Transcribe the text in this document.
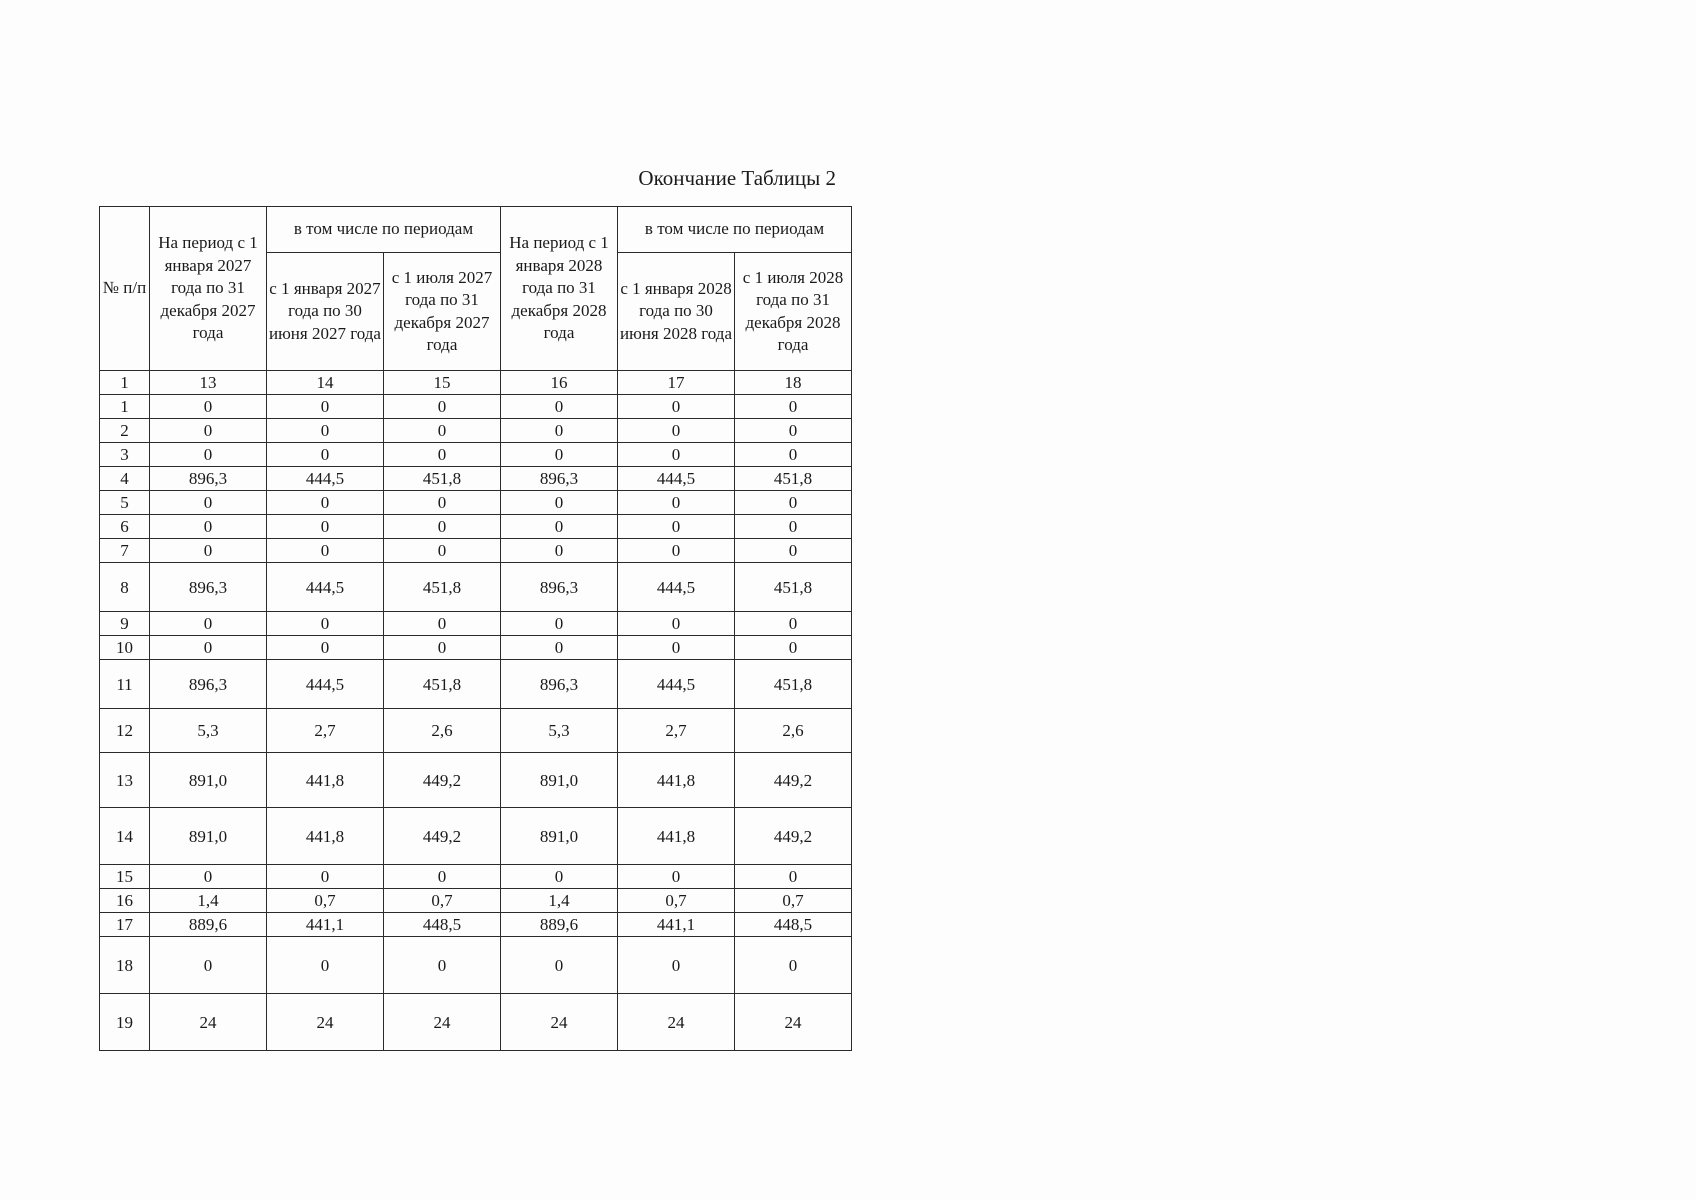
Окончание Таблицы 2
№ п/п	На период с 1 января 2027 года по 31 декабря 2027 года	в том числе по периодам		На период с 1 января 2028 года по 31 декабря 2028 года	в том числе по периодам	
		с 1 января 2027 года по 30 июня 2027 года	с 1 июля 2027 года по 31 декабря 2027 года		с 1 января 2028 года по 30 июня 2028 года	с 1 июля 2028 года по 31 декабря 2028 года
1	13	14	15	16	17	18
1	0	0	0	0	0	0
2	0	0	0	0	0	0
3	0	0	0	0	0	0
4	896,3	444,5	451,8	896,3	444,5	451,8
5	0	0	0	0	0	0
6	0	0	0	0	0	0
7	0	0	0	0	0	0
8	896,3	444,5	451,8	896,3	444,5	451,8
9	0	0	0	0	0	0
10	0	0	0	0	0	0
11	896,3	444,5	451,8	896,3	444,5	451,8
12	5,3	2,7	2,6	5,3	2,7	2,6
13	891,0	441,8	449,2	891,0	441,8	449,2
14	891,0	441,8	449,2	891,0	441,8	449,2
15	0	0	0	0	0	0
16	1,4	0,7	0,7	1,4	0,7	0,7
17	889,6	441,1	448,5	889,6	441,1	448,5
18	0	0	0	0	0	0
19	24	24	24	24	24	24
